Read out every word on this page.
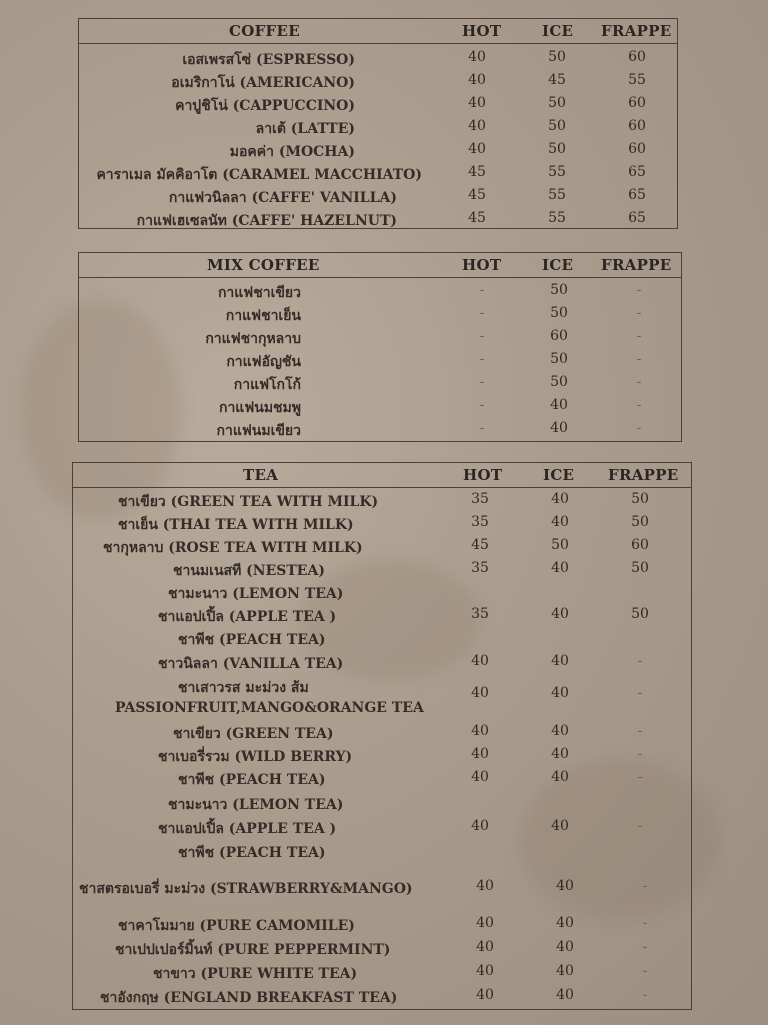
COFFEE	HOT	ICE FRAPPE
เอสเพรสโซ่ (ESPRESSO)	40	50	60
อเมริกาโน่ (AMERICANO)	40	45	55
คาปูชิโน่ (CAPPUCCINO)	40	50	60
ลาเต้ (LATTE)	40	50	60
มอคค่า (MOCHA)	40	50	60
คาราเมล มัคคิอาโต (CARAMEL MACCHIATO)	45	55	65
กาแฟวนิลลา (CAFFE' VANILLA)	45	55	65
กาแฟเฮเซลนัท (CAFFE' HAZELNUT)	45	55	65
MIX COFFEE	HOT	ICE FRAPPE
กาแฟชาเขียว	-	50	-
กาแฟชาเย็น	-	50	-
กาแฟชากุหลาบ	-	60	-
กาแฟอัญชัน	-	50	-
กาแฟโกโก้	-	50	-
กาแฟนมชมพู	-	40	-
กาแฟนมเขียว	-	40	-
TEA	HOT	ICE FRAPPE
ชาเขียว (GREEN TEA WITH MILK)	35	40	50
ชาเย็น (THAI TEA WITH MILK)	35	40	50
ชากุหลาบ (ROSE TEA WITH MILK)	45	50	60
ชานมเนสที (NESTEA)	35	40	50
ชามะนาว (LEMON TEA)
ชาแอปเปิ้ล (APPLE TEA )	35	40	50
ชาพีช (PEACH TEA)
ชาวนิลลา (VANILLA TEA)	40	40	-
ชาเสาวรส มะม่วง ส้ม	40	40	-
PASSIONFRUIT,MANGO&ORANGE TEA
ชาเขียว (GREEN TEA)	40	40	-
ชาเบอรี่รวม (WILD BERRY)	40	40	-
ชาพีช (PEACH TEA)	40	40	-
ชามะนาว (LEMON TEA)
ชาแอปเปิ้ล (APPLE TEA )	40	40	-
ชาพีช (PEACH TEA)
ชาสตรอเบอรี่ มะม่วง (STRAWBERRY&MANGO)	40	40	-
ชาคาโมมาย (PURE CAMOMILE)	40	40	-
ชาเปปเปอร์มิ้นท์ (PURE PEPPERMINT)	40	40	-
ชาขาว (PURE WHITE TEA)	40	40	-
ชาอังกฤษ (ENGLAND BREAKFAST TEA)	40	40	-
